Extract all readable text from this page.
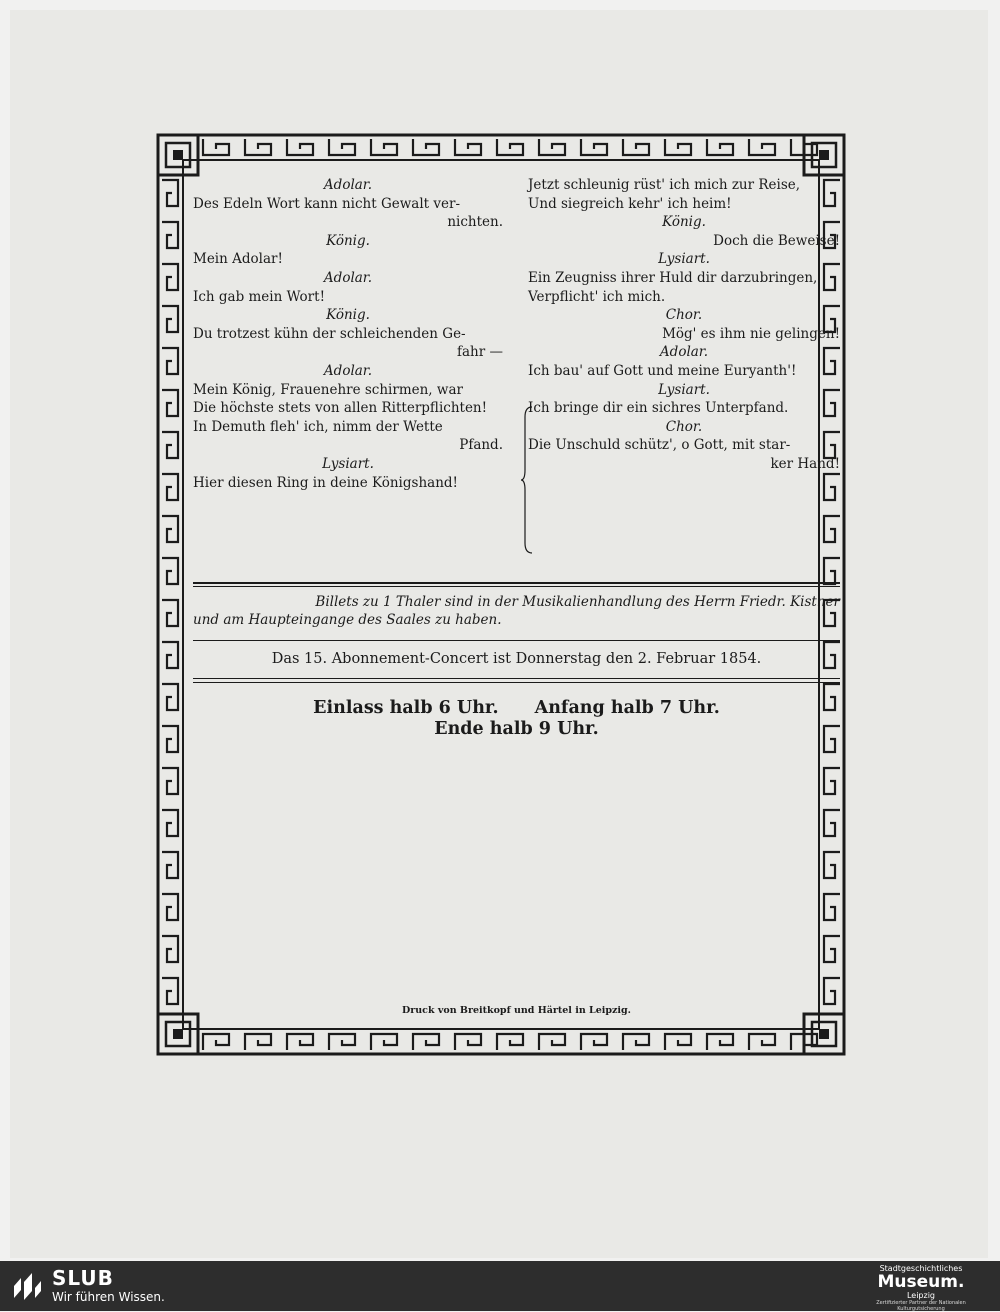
Adolar.

Des Edeln Wort kann nicht Gewalt ver-

nichten.

König.

Mein Adolar!

Adolar.

Ich gab mein Wort!

König.

Du trotzest kühn der schleichenden Ge-

fahr —

Adolar.

Mein König, Frauenehre schirmen, war

Die höchste stets von allen Ritterpflichten!

In Demuth fleh' ich, nimm der Wette

Pfand.

Lysiart.

Hier diesen Ring in deine Königshand!

Jetzt schleunig rüst' ich mich zur Reise,

Und siegreich kehr' ich heim!

König.

Doch die Beweise!

Lysiart.

Ein Zeugniss ihrer Huld dir darzubringen,

Verpflicht' ich mich.

Chor.

Mög' es ihm nie gelingen!

Adolar.

Ich bau' auf Gott und meine Euryanth'!

Lysiart.

Ich bringe dir ein sichres Unterpfand.

Chor.

Die Unschuld schütz', o Gott, mit star-

ker Hand!

Billets zu 1 Thaler sind in der Musikalienhandlung des Herrn Friedr. Kistner

und am Haupteingange des Saales zu haben.

Das 15. Abonnement-Concert ist Donnerstag den 2. Februar 1854.

Einlass halb 6 Uhr. Anfang halb 7 Uhr.

Ende halb 9 Uhr.

Druck von Breitkopf und Härtel in Leipzig.
SLUB
Wir führen Wissen.
Stadtgeschichtliches
Museum.
Leipzig
Zertifizierter Partner der Nationalen Kulturgutsicherung
